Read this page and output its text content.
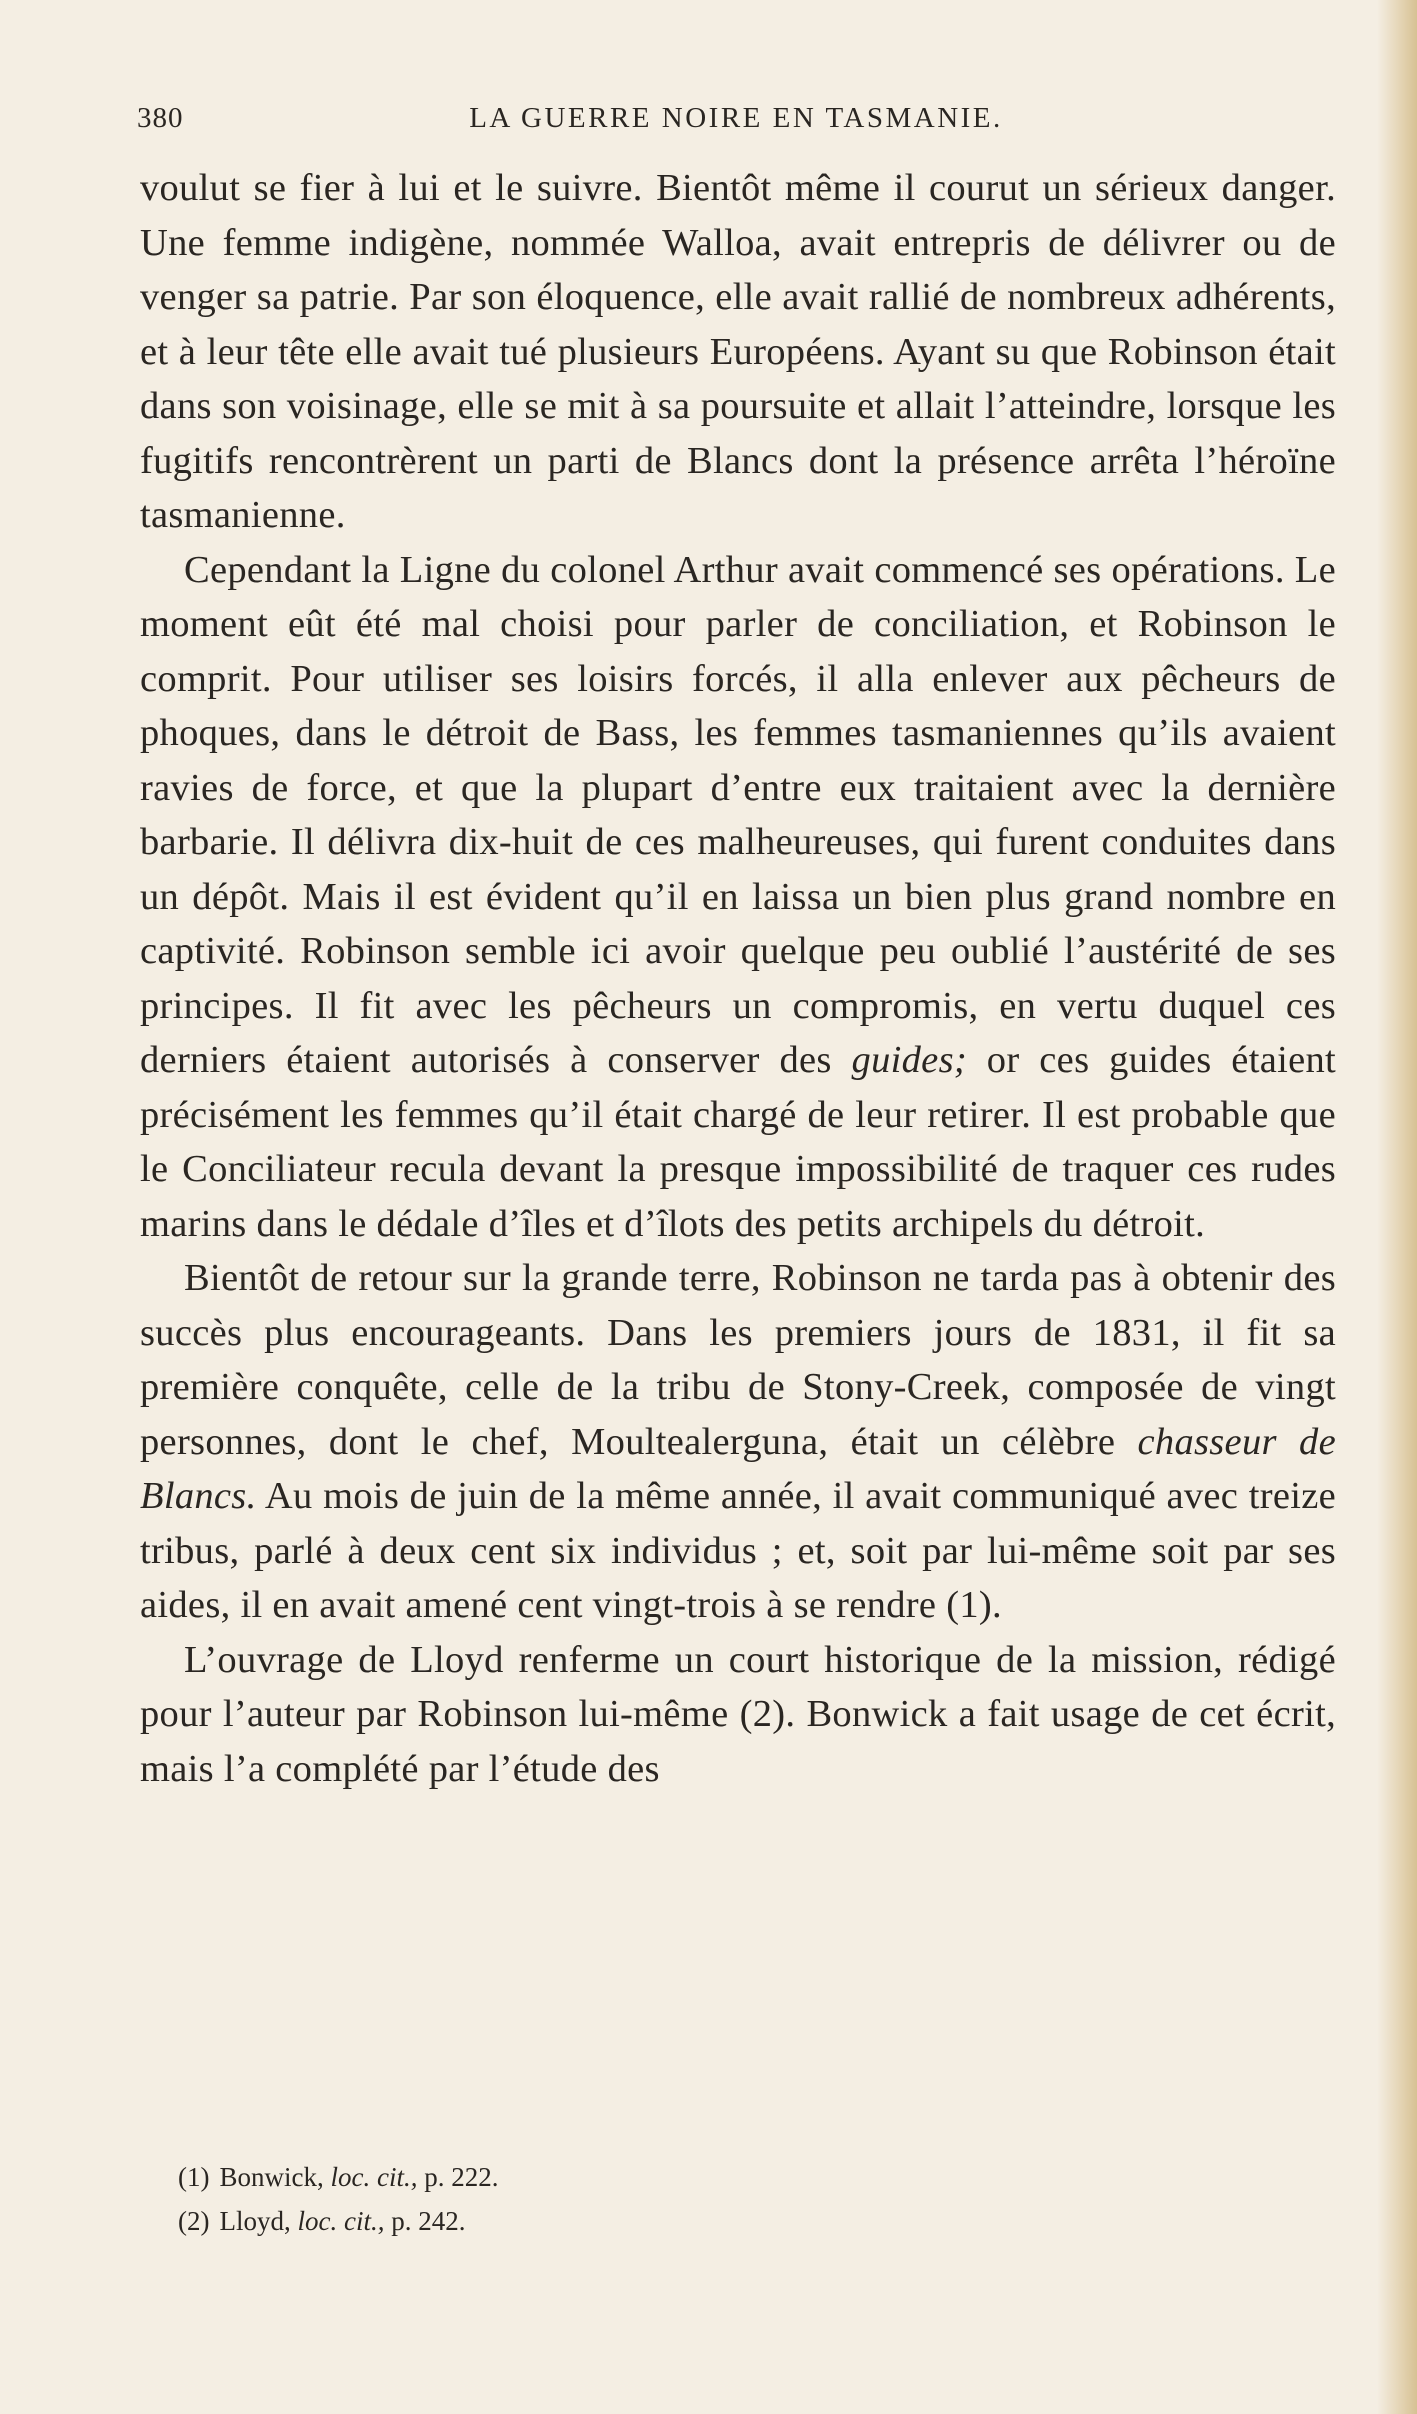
380	LA GUERRE NOIRE EN TASMANIE.

voulut se fier à lui et le suivre. Bientôt même il courut un sérieux danger. Une femme indigène, nommée Walloa, avait entrepris de délivrer ou de venger sa patrie. Par son éloquence, elle avait rallié de nombreux adhérents, et à leur tête elle avait tué plusieurs Européens. Ayant su que Robinson était dans son voisinage, elle se mit à sa poursuite et allait l’atteindre, lorsque les fugitifs rencontrèrent un parti de Blancs dont la présence arrêta l’héroïne tasmanienne.

Cependant la Ligne du colonel Arthur avait commencé ses opérations. Le moment eût été mal choisi pour parler de conciliation, et Robinson le comprit. Pour utiliser ses loisirs forcés, il alla enlever aux pêcheurs de phoques, dans le détroit de Bass, les femmes tasmaniennes qu’ils avaient ravies de force, et que la plupart d’entre eux traitaient avec la dernière barbarie. Il délivra dix-huit de ces malheureuses, qui furent conduites dans un dépôt. Mais il est évident qu’il en laissa un bien plus grand nombre en captivité. Robinson semble ici avoir quelque peu oublié l’austérité de ses principes. Il fit avec les pêcheurs un compromis, en vertu duquel ces derniers étaient autorisés à conserver des guides; or ces guides étaient précisément les femmes qu’il était chargé de leur retirer. Il est probable que le Conciliateur recula devant la presque impossibilité de traquer ces rudes marins dans le dédale d’îles et d’îlots des petits archipels du détroit.

Bientôt de retour sur la grande terre, Robinson ne tarda pas à obtenir des succès plus encourageants. Dans les premiers jours de 1831, il fit sa première conquête, celle de la tribu de Stony-Creek, composée de vingt personnes, dont le chef, Moultealerguna, était un célèbre chasseur de Blancs. Au mois de juin de la même année, il avait communiqué avec treize tribus, parlé à deux cent six individus ; et, soit par lui-même soit par ses aides, il en avait amené cent vingt-trois à se rendre (1).

L’ouvrage de Lloyd renferme un court historique de la mission, rédigé pour l’auteur par Robinson lui-même (2). Bonwick a fait usage de cet écrit, mais l’a complété par l’étude des

(1) Bonwick, loc. cit., p. 222.

(2) Lloyd, loc. cit., p. 242.
